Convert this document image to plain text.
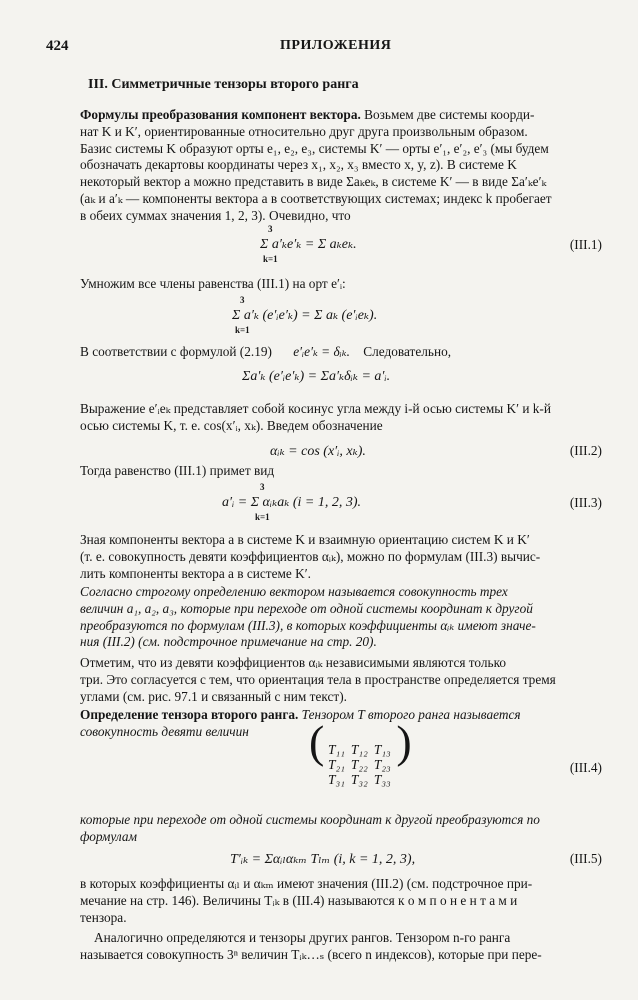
424	ПРИЛОЖЕНИЯ
III. Симметричные тензоры второго ранга
Формулы преобразования компонент вектора. Возьмем две системы коорди-
нат K и K′, ориентированные относительно друг друга произвольным образом.
Базис системы K образуют орты e₁, e₂, e₃, системы K′ — орты e′₁, e′₂, e′₃ (мы будем
обозначать декартовы координаты через x₁, x₂, x₃ вместо x, y, z). В системе K
некоторый вектор a можно представить в виде Σaₖeₖ, в системе K′ — в виде Σa′ₖe′ₖ
(aₖ и a′ₖ — компоненты вектора a в соответствующих системах; индекс k пробегает
в обеих суммах значения 1, 2, 3). Очевидно, что
Σ a′ₖe′ₖ = Σ aₖeₖ.
3
k=1
(III.1)
Умножим все члены равенства (III.1) на орт e′ᵢ:
Σ a′ₖ (e′ᵢe′ₖ) = Σ aₖ (e′ᵢeₖ).
3
k=1
В соответствии с формулой (2.19) e′ᵢe′ₖ = δᵢₖ. Следовательно,
Σa′ₖ (e′ᵢe′ₖ) = Σa′ₖδᵢₖ = a′ᵢ.
Выражение e′ᵢeₖ представляет собой косинус угла между i-й осью системы K′ и k-й
осью системы K, т. е. cos(x′ᵢ, xₖ). Введем обозначение
αᵢₖ = cos (x′ᵢ, xₖ).	(III.2)
Тогда равенство (III.1) примет вид
a′ᵢ = Σ αᵢₖaₖ (i = 1, 2, 3).
3
k=1
(III.3)
Зная компоненты вектора a в системе K и взаимную ориентацию систем K и K′
(т. е. совокупность девяти коэффициентов αᵢₖ), можно по формулам (III.3) вычис-
лить компоненты вектора a в системе K′.
Согласно строгому определению вектором называется совокупность трех
величин a₁, a₂, a₃, которые при переходе от одной системы координат к другой
преобразуются по формулам (III.3), в которых коэффициенты αᵢₖ имеют значе-
ния (III.2) (см. подстрочное примечание на стр. 20).
Отметим, что из девяти коэффициентов αᵢₖ независимыми являются только
три. Это согласуется с тем, что ориентация тела в пространстве определяется тремя
углами (см. рис. 97.1 и связанный с ним текст).
Определение тензора второго ранга. Тензором T второго ранга называется
совокупность девяти величин	( T₁₁	T₁₂	T₁₃
T₂₁	T₂₂	T₂₃
T₃₁	T₃₂	T₃₃
)
(III.4)
которые при переходе от одной системы координат к другой преобразуются по
формулам
T′ᵢₖ = Σαᵢₗαₖₘ Tₗₘ (i, k = 1, 2, 3),	(III.5)
в которых коэффициенты αᵢₗ и αₖₘ имеют значения (III.2) (см. подстрочное при-
мечание на стр. 146). Величины Tᵢₖ в (III.4) называются к о м п о н е н т а м и
тензора.
Аналогично определяются и тензоры других рангов. Тензором n-го ранга
называется совокупность 3ⁿ величин Tᵢₖ…ₛ (всего n индексов), которые при пере-
